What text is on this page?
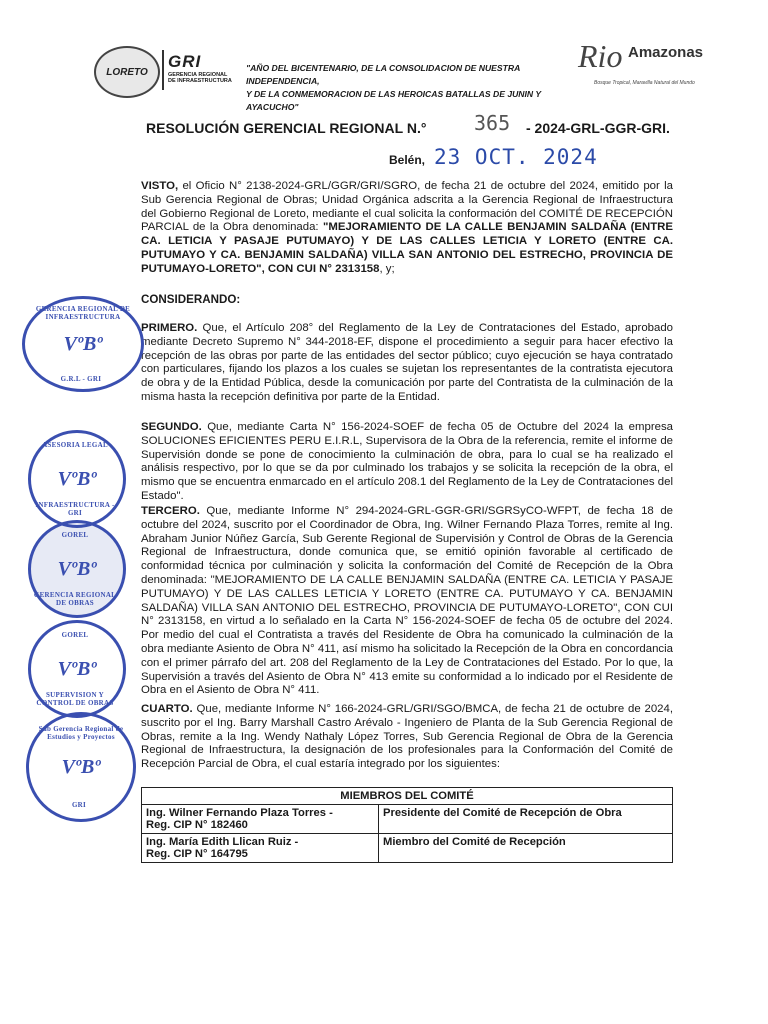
LORETO
GRI
GERENCIA REGIONAL
DE INFRAESTRUCTURA
"AÑO DEL BICENTENARIO, DE LA CONSOLIDACION DE NUESTRA INDEPENDENCIA,
Y DE LA CONMEMORACION DE LAS HEROICAS BATALLAS DE JUNIN Y AYACUCHO"
Rio Amazonas
Bosque Tropical, Maravilla Natural del Mundo
RESOLUCIÓN GERENCIAL REGIONAL N.° 365 - 2024-GRL-GGR-GRI.
Belén, 23 OCT. 2024
VISTO, el Oficio N° 2138-2024-GRL/GGR/GRI/SGRO, de fecha 21 de octubre del 2024, emitido por la Sub Gerencia Regional de Obras; Unidad Orgánica adscrita a la Gerencia Regional de Infraestructura del Gobierno Regional de Loreto, mediante el cual solicita la conformación del COMITÉ DE RECEPCIÓN PARCIAL de la Obra denominada: "MEJORAMIENTO DE LA CALLE BENJAMIN SALDAÑA (ENTRE CA. LETICIA Y PASAJE PUTUMAYO) Y DE LAS CALLES LETICIA Y LORETO (ENTRE CA. PUTUMAYO Y CA. BENJAMIN SALDAÑA) VILLA SAN ANTONIO DEL ESTRECHO, PROVINCIA DE PUTUMAYO-LORETO", CON CUI N° 2313158, y;
CONSIDERANDO:
PRIMERO. Que, el Artículo 208° del Reglamento de la Ley de Contrataciones del Estado, aprobado mediante Decreto Supremo N° 344-2018-EF, dispone el procedimiento a seguir para hacer efectivo la recepción de las obras por parte de las entidades del sector público; cuyo ejecución se haya contratado con particulares, fijando los plazos a los cuales se sujetan los representantes de la contratista ejecutora de obra y de la Entidad Pública, desde la comunicación por parte del Contratista de la culminación de la misma hasta la recepción definitiva por parte de la Entidad.
SEGUNDO. Que, mediante Carta N° 156-2024-SOEF de fecha 05 de Octubre del 2024 la empresa SOLUCIONES EFICIENTES PERU E.I.R.L, Supervisora de la Obra de la referencia, remite el informe de Supervisión donde se pone de conocimiento la culminación de obra, para lo cual se ha realizado el análisis respectivo, por lo que se da por culminado los trabajos y se solicita la recepción de la obra, el mismo que se encuentra enmarcado en el artículo 208.1 del Reglamento de la Ley de Contrataciones del Estado".
TERCERO. Que, mediante Informe N° 294-2024-GRL-GGR-GRI/SGRSyCO-WFPT, de fecha 18 de octubre del 2024, suscrito por el Coordinador de Obra, Ing. Wilner Fernando Plaza Torres, remite al Ing. Abraham Junior Núñez García, Sub Gerente Regional de Supervisión y Control de Obras de la Gerencia Regional de Infraestructura, donde comunica que, se emitió opinión favorable al certificado de conformidad técnica por culminación y solicita la conformación del Comité de Recepción de la Obra denominada: "MEJORAMIENTO DE LA CALLE BENJAMIN SALDAÑA (ENTRE CA. LETICIA Y PASAJE PUTUMAYO) Y DE LAS CALLES LETICIA Y LORETO (ENTRE CA. PUTUMAYO Y CA. BENJAMIN SALDAÑA) VILLA SAN ANTONIO DEL ESTRECHO, PROVINCIA DE PUTUMAYO-LORETO", CON CUI N° 2313158, en virtud a lo señalado en la Carta N° 156-2024-SOEF de fecha 05 de octubre del 2024. Por medio del cual el Contratista a través del Residente de Obra ha comunicado la culminación de la obra mediante Asiento de Obra N° 411, así mismo ha solicitado la Recepción de la Obra en concordancia con el primer párrafo del art. 208 del Reglamento de la Ley de Contrataciones del Estado. Por lo que, la Supervisión a través del Asiento de Obra N° 413 emite su conformidad a lo indicado por el Residente de Obra en el Asiento de Obra N° 411.
CUARTO. Que, mediante Informe N° 166-2024-GRL/GRI/SGO/BMCA, de fecha 21 de octubre de 2024, suscrito por el Ing. Barry Marshall Castro Arévalo - Ingeniero de Planta de la Sub Gerencia Regional de Obras, remite a la Ing. Wendy Nathaly López Torres, Sub Gerencia Regional de Obra de la Gerencia Regional de Infraestructura, la designación de los profesionales para la Conformación del Comité de Recepción Parcial de Obra, el cual estaría integrado por los siguientes:
MIEMBROS DEL COMITÉ	

Ing. Wilner Fernando Plaza Torres -
Reg. CIP N° 182460	Presidente del Comité de Recepción de Obra

Ing. María Edith Llican Ruiz -
Reg. CIP N° 164795	Miembro del Comité de Recepción
GERENCIA REGIONAL DE INFRAESTRUCTURA
VºBº
G.R.L - GRI
ASESORIA LEGAL
VºBº
INFRAESTRUCTURA - GRI
GOREL
VºBº
GERENCIA REGIONAL DE OBRAS
GOREL
VºBº
SUPERVISION Y CONTROL DE OBRAS
Sub Gerencia Regional de Estudios y Proyectos
VºBº
GRI
